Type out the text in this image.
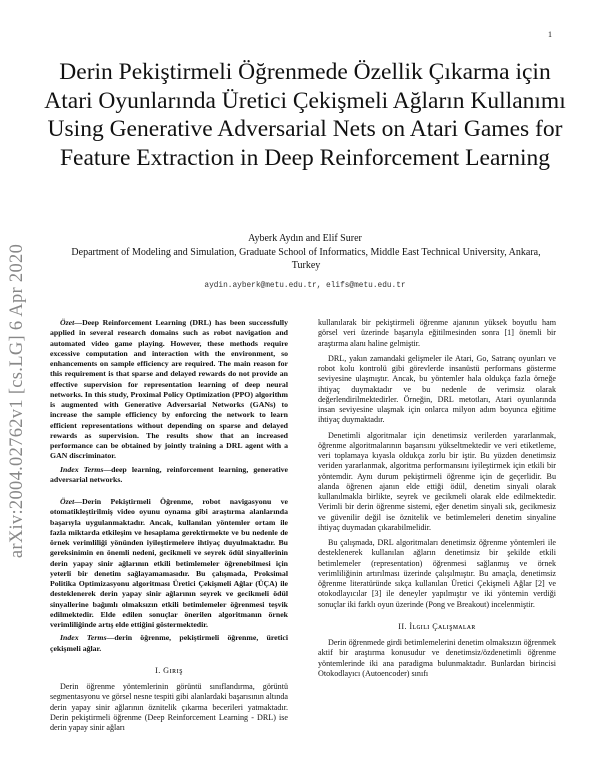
1
arXiv:2004.02762v1 [cs.LG] 6 Apr 2020
Derin Pekiştirmeli Öğrenmede Özellik Çıkarma için Atari Oyunlarında Üretici Çekişmeli Ağların Kullanımı
Using Generative Adversarial Nets on Atari Games for Feature Extraction in Deep Reinforcement Learning
Ayberk Aydın and Elif Surer
Department of Modeling and Simulation, Graduate School of Informatics, Middle East Technical University, Ankara, Turkey
aydin.ayberk@metu.edu.tr, elifs@metu.edu.tr

Özet—Deep Reinforcement Learning (DRL) has been successfully applied in several research domains such as robot navigation and automated video game playing. However, these methods require excessive computation and interaction with the environment, so enhancements on sample efficiency are required. The main reason for this requirement is that sparse and delayed rewards do not provide an effective supervision for representation learning of deep neural networks. In this study, Proximal Policy Optimization (PPO) algorithm is augmented with Generative Adversarial Networks (GANs) to increase the sample efficiency by enforcing the network to learn efficient representations without depending on sparse and delayed rewards as supervision. The results show that an increased performance can be obtained by jointly training a DRL agent with a GAN discriminator.

Index Terms—deep learning, reinforcement learning, generative adversarial networks.

Özet—Derin Pekiştirmeli Öğrenme, robot navigasyonu ve otomatikleştirilmiş video oyunu oynama gibi araştırma alanlarında başarıyla uygulanmaktadır. Ancak, kullanılan yöntemler ortam ile fazla miktarda etkileşim ve hesaplama gerektirmekte ve bu nedenle de örnek verimliliği yönünden iyileştirmelere ihtiyaç duyulmaktadır. Bu gereksinimin en önemli nedeni, gecikmeli ve seyrek ödül sinyallerinin derin yapay sinir ağlarının etkili betimlemeler öğrenebilmesi için yeterli bir denetim sağlayamamasıdır. Bu çalışmada, Proksimal Politika Optimizasyonu algoritması Üretici Çekişmeli Ağlar (ÜÇA) ile desteklenerek derin yapay sinir ağlarının seyrek ve gecikmeli ödül sinyallerine bağımlı olmaksızın etkili betimlemeler öğrenmesi teşvik edilmektedir. Elde edilen sonuçlar önerilen algoritmanın örnek verimliliğinde artış elde ettiğini göstermektedir.

Index Terms—derin öğrenme, pekiştirmeli öğrenme, üretici çekişmeli ağlar.

I. Gɪʀɪş

Derin öğrenme yöntemlerinin görüntü sınıflandırma, görüntü segmentasyonu ve görsel nesne tespiti gibi alanlardaki başarısının altında derin yapay sinir ağlarının öznitelik çıkarma becerileri yatmaktadır. Derin pekiştirmeli öğrenme (Deep Reinforcement Learning - DRL) ise derin yapay sinir ağları

kullanılarak bir pekiştirmeli öğrenme ajanının yüksek boyutlu ham görsel veri üzerinde başarıyla eğitilmesinden sonra [1] önemli bir araştırma alanı haline gelmiştir.

DRL, yakın zamandaki gelişmeler ile Atari, Go, Satranç oyunları ve robot kolu kontrolü gibi görevlerde insanüstü performans gösterme seviyesine ulaşmıştır. Ancak, bu yöntemler hala oldukça fazla örneğe ihtiyaç duymaktadır ve bu nedenle de verimsiz olarak değerlendirilmektedirler. Örneğin, DRL metotları, Atari oyunlarında insan seviyesine ulaşmak için onlarca milyon adım boyunca eğitime ihtiyaç duymaktadır.

Denetimli algoritmalar için denetimsiz verilerden yararlanmak, öğrenme algoritmalarının başarısını yükseltmektedir ve veri etiketleme, veri toplamaya kıyasla oldukça zorlu bir iştir. Bu yüzden denetimsiz veriden yararlanmak, algoritma performansını iyileştirmek için etkili bir yöntemdir. Aynı durum pekiştirmeli öğrenme için de geçerlidir. Bu alanda öğrenen ajanın elde ettiği ödül, denetim sinyali olarak kullanılmakla birlikte, seyrek ve gecikmeli olarak elde edilmektedir. Verimli bir derin öğrenme sistemi, eğer denetim sinyali sık, gecikmesiz ve güvenilir değil ise öznitelik ve betimlemeleri denetim sinyaline ihtiyaç duymadan çıkarabilmelidir.

Bu çalışmada, DRL algoritmaları denetimsiz öğrenme yöntemleri ile desteklenerek kullanılan ağların denetimsiz bir şekilde etkili betimlemeler (representation) öğrenmesi sağlanmış ve örnek verimliliğinin artırılması üzerinde çalışılmıştır. Bu amaçla, denetimsiz öğrenme literatüründe sıkça kullanılan Üretici Çekişmeli Ağlar [2] ve otokodlayıcılar [3] ile deneyler yapılmıştır ve iki yöntemin verdiği sonuçlar iki farklı oyun üzerinde (Pong ve Breakout) incelenmiştir.

II. İʟɢɪʟɪ Çᴀʟɪşᴍᴀʟᴀʀ

Derin öğrenmede girdi betimlemelerini denetim olmaksızın öğrenmek aktif bir araştırma konusudur ve denetimsiz/özdenetimli öğrenme yöntemlerinde iki ana paradigma bulunmaktadır. Bunlardan birincisi Otokodlayıcı (Autoencoder) sınıfı
